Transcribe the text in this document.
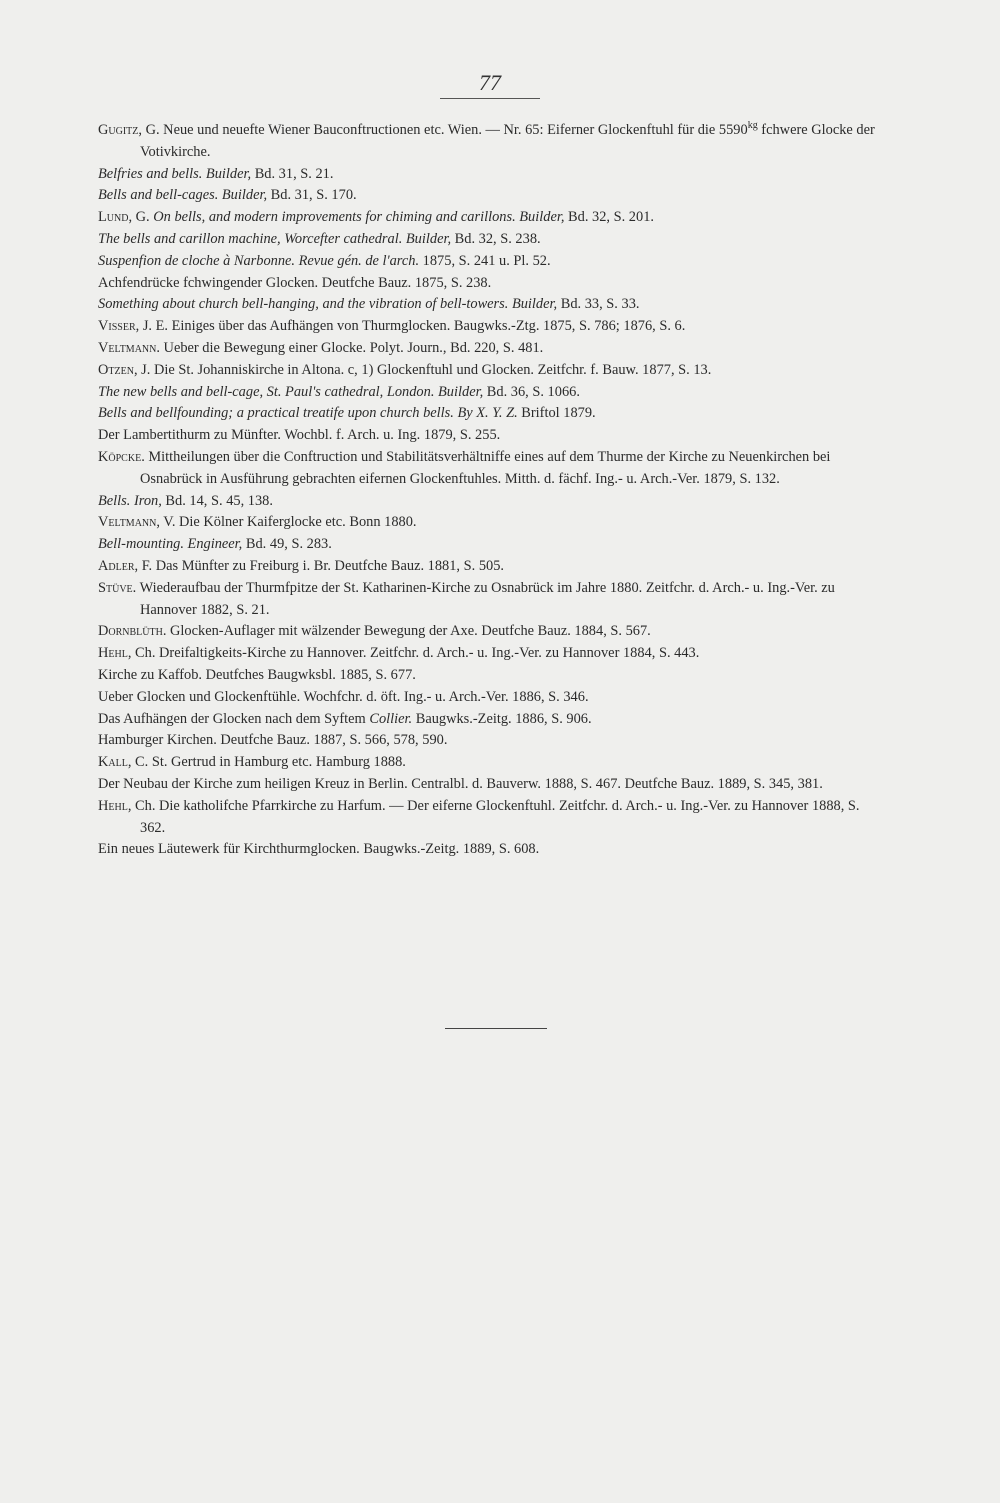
77

Gugitz, G. Neue und neuefte Wiener Bauconftructionen etc. Wien. — Nr. 65: Eiferner Glockenftuhl für die $5590^{kg}$ fchwere Glocke der Votivkirche.

Belfries and bells. Builder, Bd. 31, S. 21.

Bells and bell-cages. Builder, Bd. 31, S. 170.

Lund, G. On bells, and modern improvements for chiming and carillons. Builder, Bd. 32, S. 201.

The bells and carillon machine, Worcefter cathedral. Builder, Bd. 32, S. 238.

Suspenfion de cloche à Narbonne. Revue gén. de l'arch. 1875, S. 241 u. Pl. 52.

Achfendrücke fchwingender Glocken. Deutfche Bauz. 1875, S. 238.

Something about church bell-hanging, and the vibration of bell-towers. Builder, Bd. 33, S. 33.

Visser, J. E. Einiges über das Aufhängen von Thurmglocken. Baugwks.-Ztg. 1875, S. 786; 1876, S. 6.

Veltmann. Ueber die Bewegung einer Glocke. Polyt. Journ., Bd. 220, S. 481.

Otzen, J. Die St. Johanniskirche in Altona. c, 1) Glockenftuhl und Glocken. Zeitfchr. f. Bauw. 1877, S. 13.

The new bells and bell-cage, St. Paul's cathedral, London. Builder, Bd. 36, S. 1066.

Bells and bellfounding; a practical treatife upon church bells. By X. Y. Z. Briftol 1879.

Der Lambertithurm zu Münfter. Wochbl. f. Arch. u. Ing. 1879, S. 255.

Köpcke. Mittheilungen über die Conftruction und Stabilitätsverhältniffe eines auf dem Thurme der Kirche zu Neuenkirchen bei Osnabrück in Ausführung gebrachten eifernen Glockenftuhles. Mitth. d. fächf. Ing.- u. Arch.-Ver. 1879, S. 132.

Bells. Iron, Bd. 14, S. 45, 138.

Veltmann, V. Die Kölner Kaiferglocke etc. Bonn 1880.

Bell-mounting. Engineer, Bd. 49, S. 283.

Adler, F. Das Münfter zu Freiburg i. Br. Deutfche Bauz. 1881, S. 505.

Stüve. Wiederaufbau der Thurmfpitze der St. Katharinen-Kirche zu Osnabrück im Jahre 1880. Zeitfchr. d. Arch.- u. Ing.-Ver. zu Hannover 1882, S. 21.

Dornblüth. Glocken-Auflager mit wälzender Bewegung der Axe. Deutfche Bauz. 1884, S. 567.

Hehl, Ch. Dreifaltigkeits-Kirche zu Hannover. Zeitfchr. d. Arch.- u. Ing.-Ver. zu Hannover 1884, S. 443.

Kirche zu Kaffob. Deutfches Baugwksbl. 1885, S. 677.

Ueber Glocken und Glockenftühle. Wochfchr. d. öft. Ing.- u. Arch.-Ver. 1886, S. 346.

Das Aufhängen der Glocken nach dem Syftem Collier. Baugwks.-Zeitg. 1886, S. 906.

Hamburger Kirchen. Deutfche Bauz. 1887, S. 566, 578, 590.

Kall, C. St. Gertrud in Hamburg etc. Hamburg 1888.

Der Neubau der Kirche zum heiligen Kreuz in Berlin. Centralbl. d. Bauverw. 1888, S. 467. Deutfche Bauz. 1889, S. 345, 381.

Hehl, Ch. Die katholifche Pfarrkirche zu Harfum. — Der eiferne Glockenftuhl. Zeitfchr. d. Arch.- u. Ing.-Ver. zu Hannover 1888, S. 362.

Ein neues Läutewerk für Kirchthurmglocken. Baugwks.-Zeitg. 1889, S. 608.
